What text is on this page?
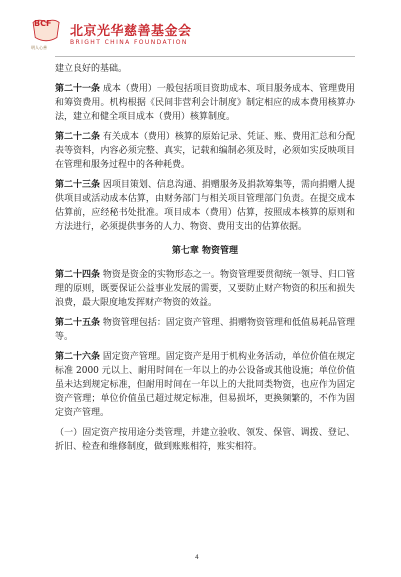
BCF
明人心善
北京光华慈善基金会
BRIGHT CHINA FOUNDATION

建立良好的基础。

第二十一条 成本（费用）一般包括项目资助成本、项目服务成本、管理费用和筹资费用。机构根据《民间非营利会计制度》制定相应的成本费用核算办法，建立和健全项目成本（费用）核算制度。

第二十二条 有关成本（费用）核算的原始记录、凭证、账、费用汇总和分配表等资料，内容必须完整、真实，记载和编制必须及时，必须如实反映项目在管理和服务过程中的各种耗费。

第二十三条 因项目策划、信息沟通、捐赠服务及捐款筹集等，需向捐赠人提供项目或活动成本估算，由财务部门与相关项目管理部门负责。在提交成本估算前，应经秘书处批准。项目成本（费用）估算，按照成本核算的原则和方法进行，必须提供事务的人力、物资、费用支出的估算依据。

第七章 物资管理

第二十四条 物资是资金的实物形态之一。物资管理要贯彻统一领导、归口管理的原则，既要保证公益事业发展的需要，又要防止财产物资的积压和损失浪费，最大限度地发挥财产物资的效益。

第二十五条 物资管理包括：固定资产管理、捐赠物资管理和低值易耗品管理等。

第二十六条 固定资产管理。固定资产是用于机构业务活动，单位价值在规定标准 2000 元以上、耐用时间在一年以上的办公设备或其他设施；单位价值虽未达到规定标准，但耐用时间在一年以上的大批同类物资，也应作为固定资产管理；单位价值虽已超过规定标准，但易损坏，更换频繁的，不作为固定资产管理。

（一）固定资产按用途分类管理，并建立验收、领发、保管、调拨、登记、折旧、检查和维修制度，做到账账相符，账实相符。

4
